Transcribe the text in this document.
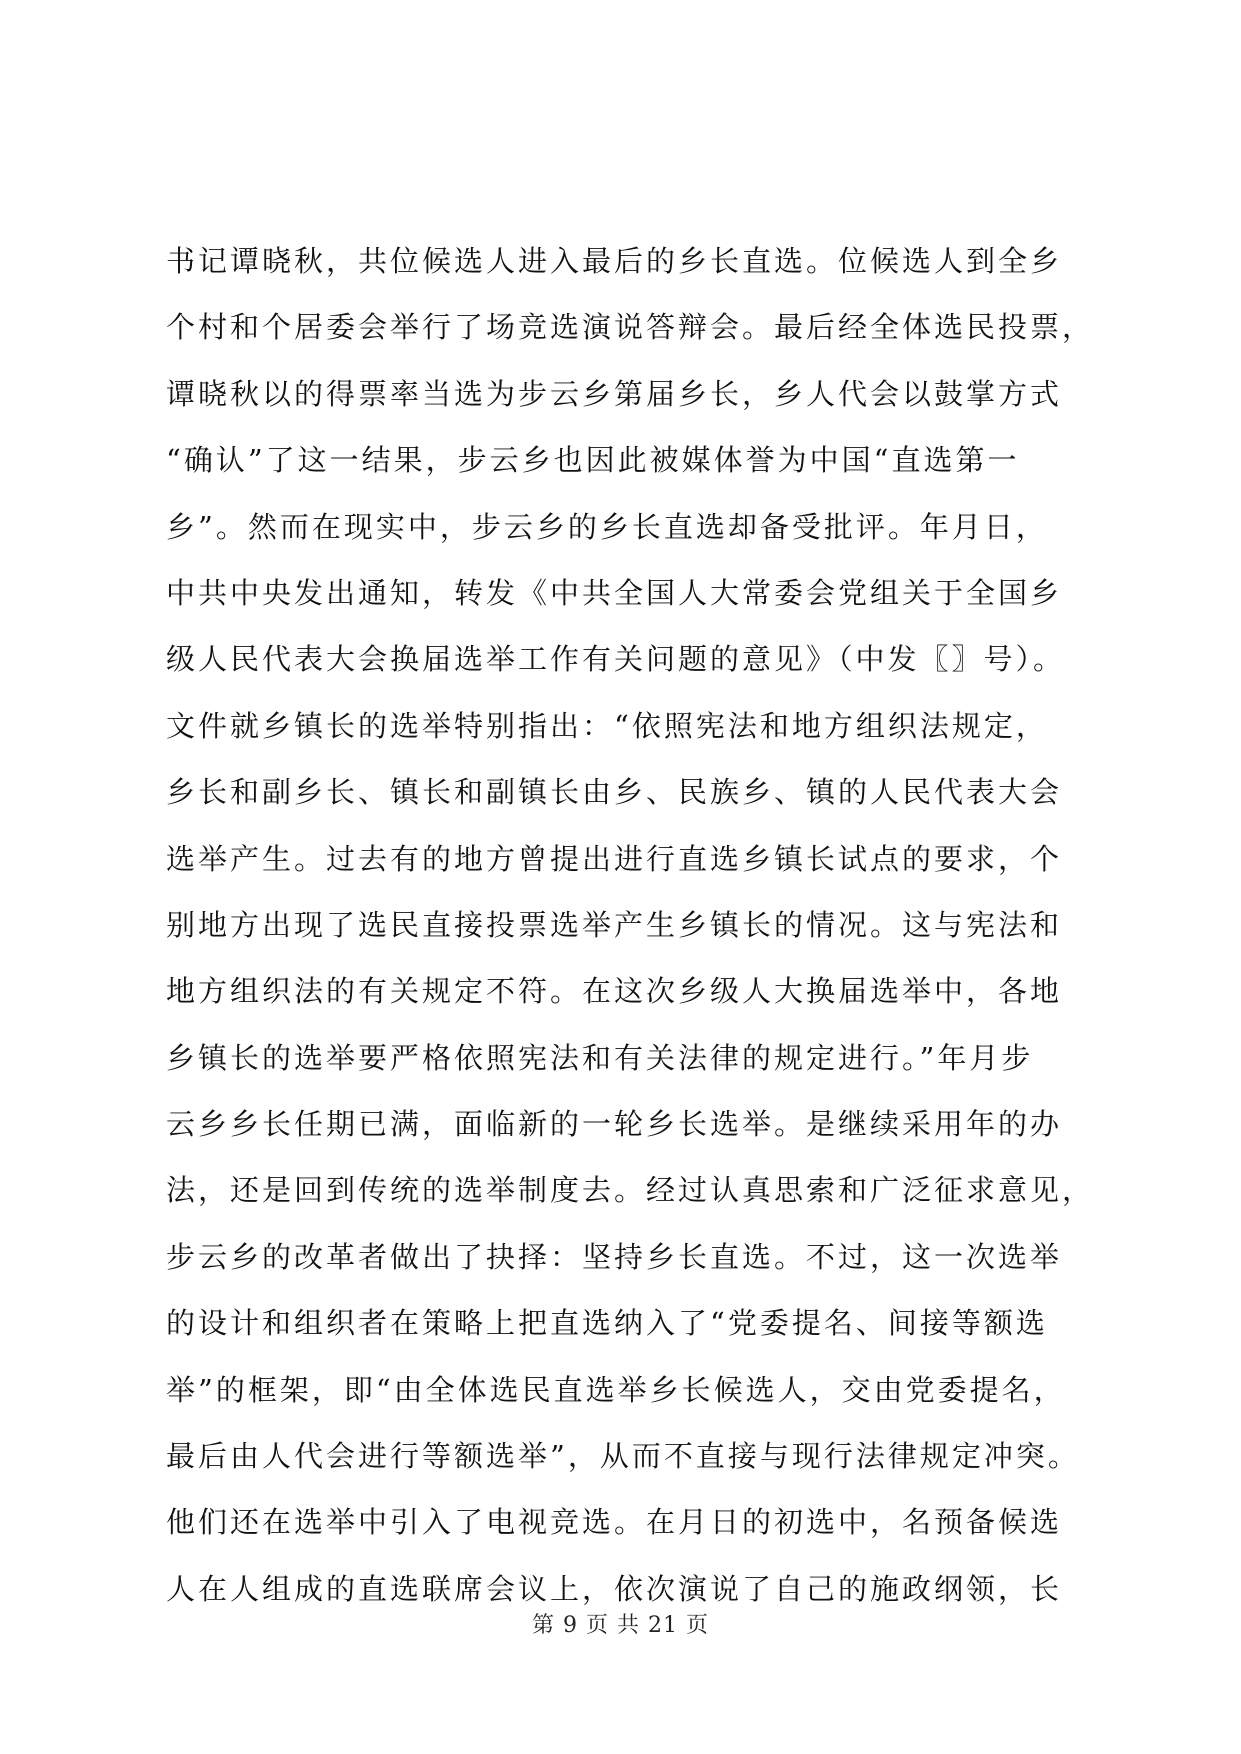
书记谭晓秋，共位候选人进入最后的乡长直选。位候选人到全乡
个村和个居委会举行了场竞选演说答辩会。最后经全体选民投票，
谭晓秋以的得票率当选为步云乡第届乡长，乡人代会以鼓掌方式
“确认”了这一结果，步云乡也因此被媒体誉为中国“直选第一
乡”。然而在现实中，步云乡的乡长直选却备受批评。年月日，
中共中央发出通知，转发《中共全国人大常委会党组关于全国乡
级人民代表大会换届选举工作有关问题的意见》（中发〖〗号）。
文件就乡镇长的选举特别指出：“依照宪法和地方组织法规定，
乡长和副乡长、镇长和副镇长由乡、民族乡、镇的人民代表大会
选举产生。过去有的地方曾提出进行直选乡镇长试点的要求，个
别地方出现了选民直接投票选举产生乡镇长的情况。这与宪法和
地方组织法的有关规定不符。在这次乡级人大换届选举中，各地
乡镇长的选举要严格依照宪法和有关法律的规定进行。”年月步
云乡乡长任期已满，面临新的一轮乡长选举。是继续采用年的办
法，还是回到传统的选举制度去。经过认真思索和广泛征求意见，
步云乡的改革者做出了抉择：坚持乡长直选。不过，这一次选举
的设计和组织者在策略上把直选纳入了“党委提名、间接等额选
举”的框架，即“由全体选民直选举乡长候选人，交由党委提名，
最后由人代会进行等额选举”，从而不直接与现行法律规定冲突。
他们还在选举中引入了电视竞选。在月日的初选中，名预备候选
人在人组成的直选联席会议上，依次演说了自己的施政纲领，长
第 9 页 共 21 页
